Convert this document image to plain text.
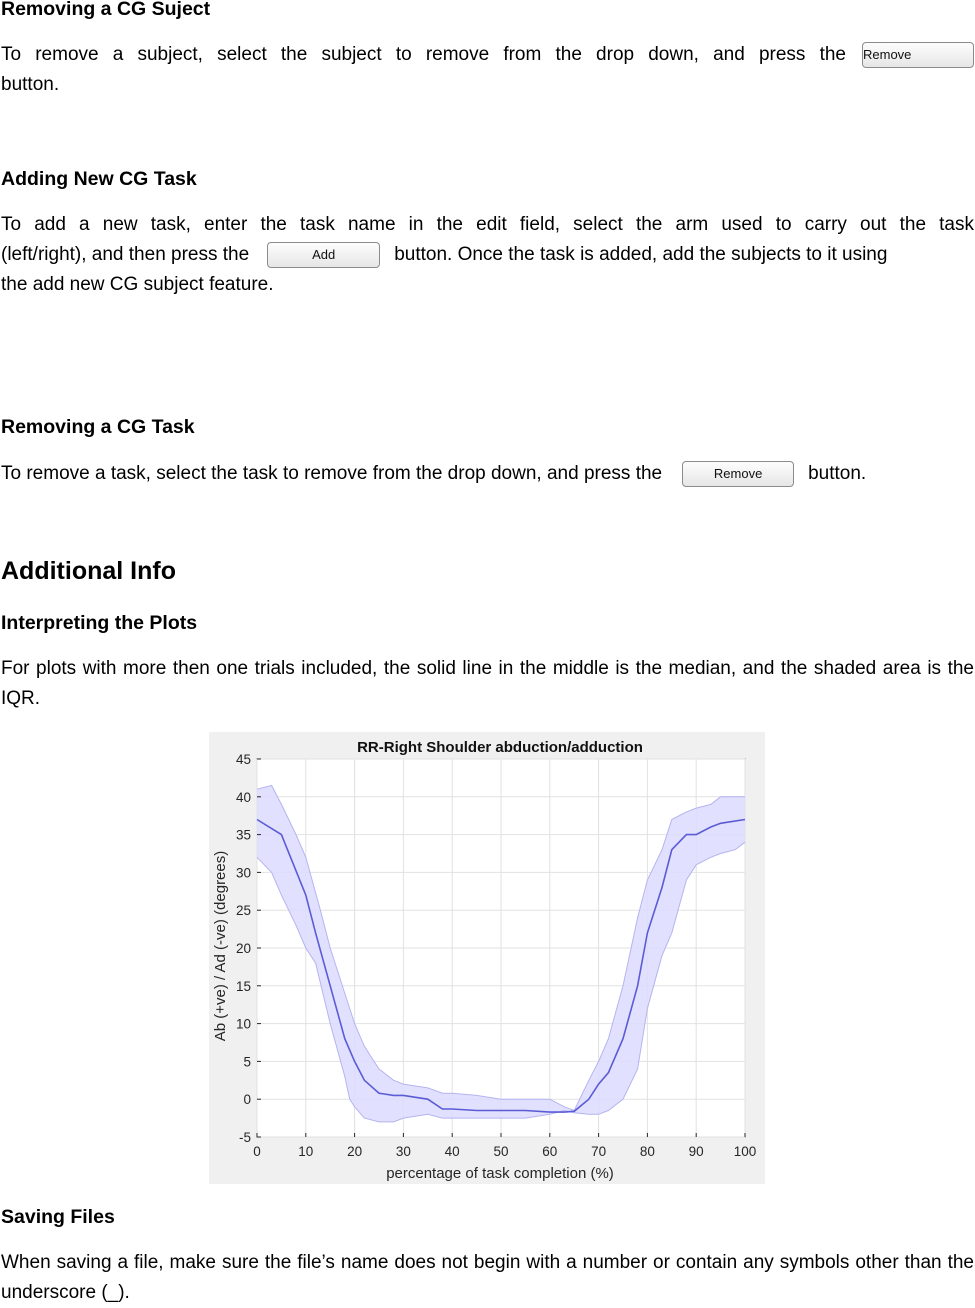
Removing a CG Suject

To remove a subject, select the subject to remove from the drop down, and press the Remove
button.

Adding New CG Task

To add a new task, enter the task name in the edit field, select the arm used to carry out the task
(left/right), and then press the	Add	button. Once the task is added, add the subjects to it using
the add new CG subject feature.

Removing a CG Task

To remove a task, select the task to remove from the drop down, and press the	Remove button.

Additional Info
Interpreting the Plots

For plots with more then one trials included, the solid line in the middle is the median, and the shaded area is the IQR.

0	10	20	30	40	50	60	70	80	90 100
-5
0
5
10
15
20
25
30
35
40
45
RR-Right Shoulder abduction/adduction
percentage of task completion (%)
Ab (+ve) / Ad (-ve) (degrees)
Saving Files

When saving a file, make sure the file’s name does not begin with a number or contain any symbols other than the underscore (_).
